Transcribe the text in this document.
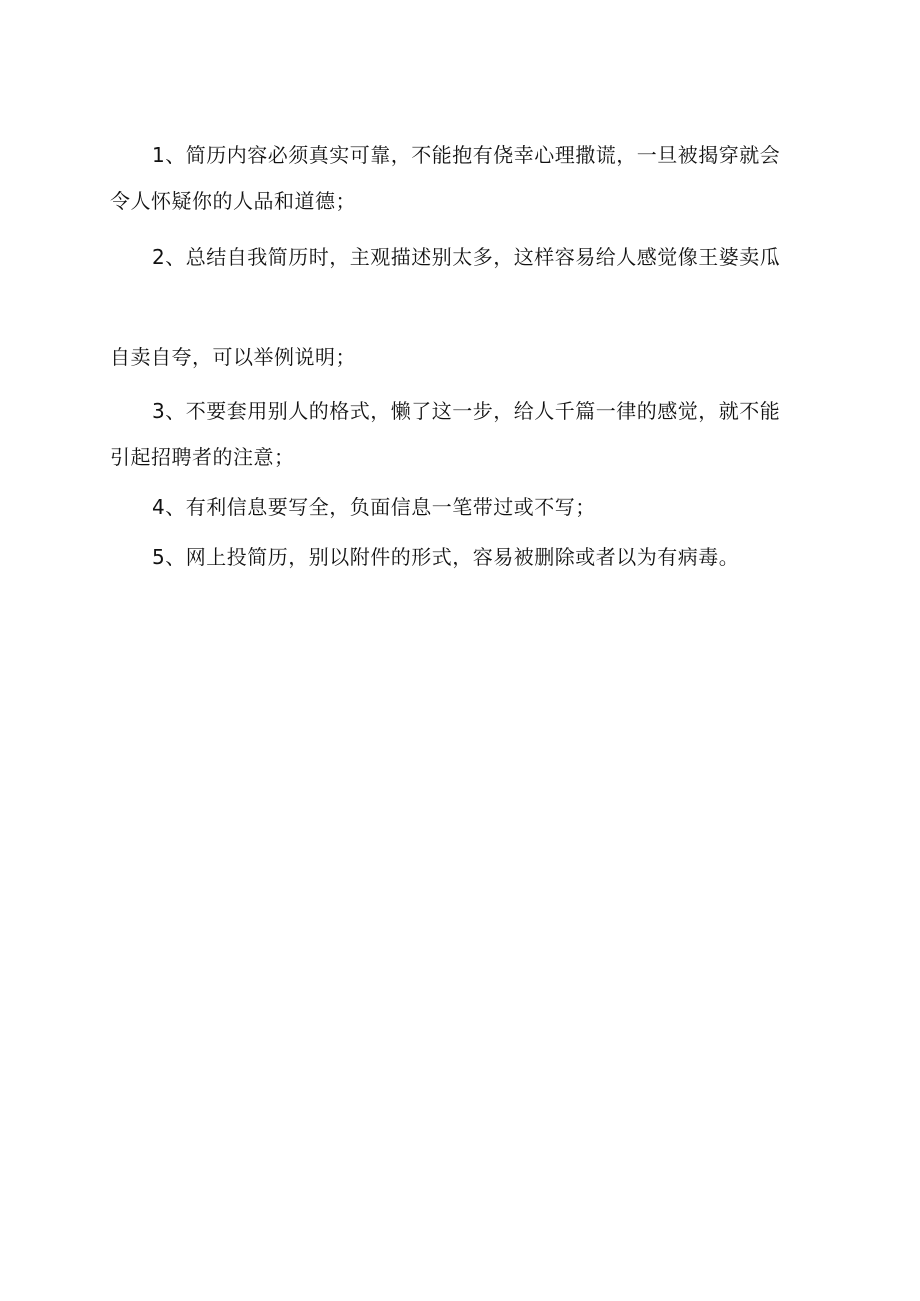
1、简历内容必须真实可靠，不能抱有侥幸心理撒谎，一旦被揭穿就会
令人怀疑你的人品和道德；
2、总结自我简历时，主观描述别太多，这样容易给人感觉像王婆卖瓜
自卖自夸，可以举例说明；
3、不要套用别人的格式，懒了这一步，给人千篇一律的感觉，就不能
引起招聘者的注意；
4、有利信息要写全，负面信息一笔带过或不写；
5、网上投简历，别以附件的形式，容易被删除或者以为有病毒。
